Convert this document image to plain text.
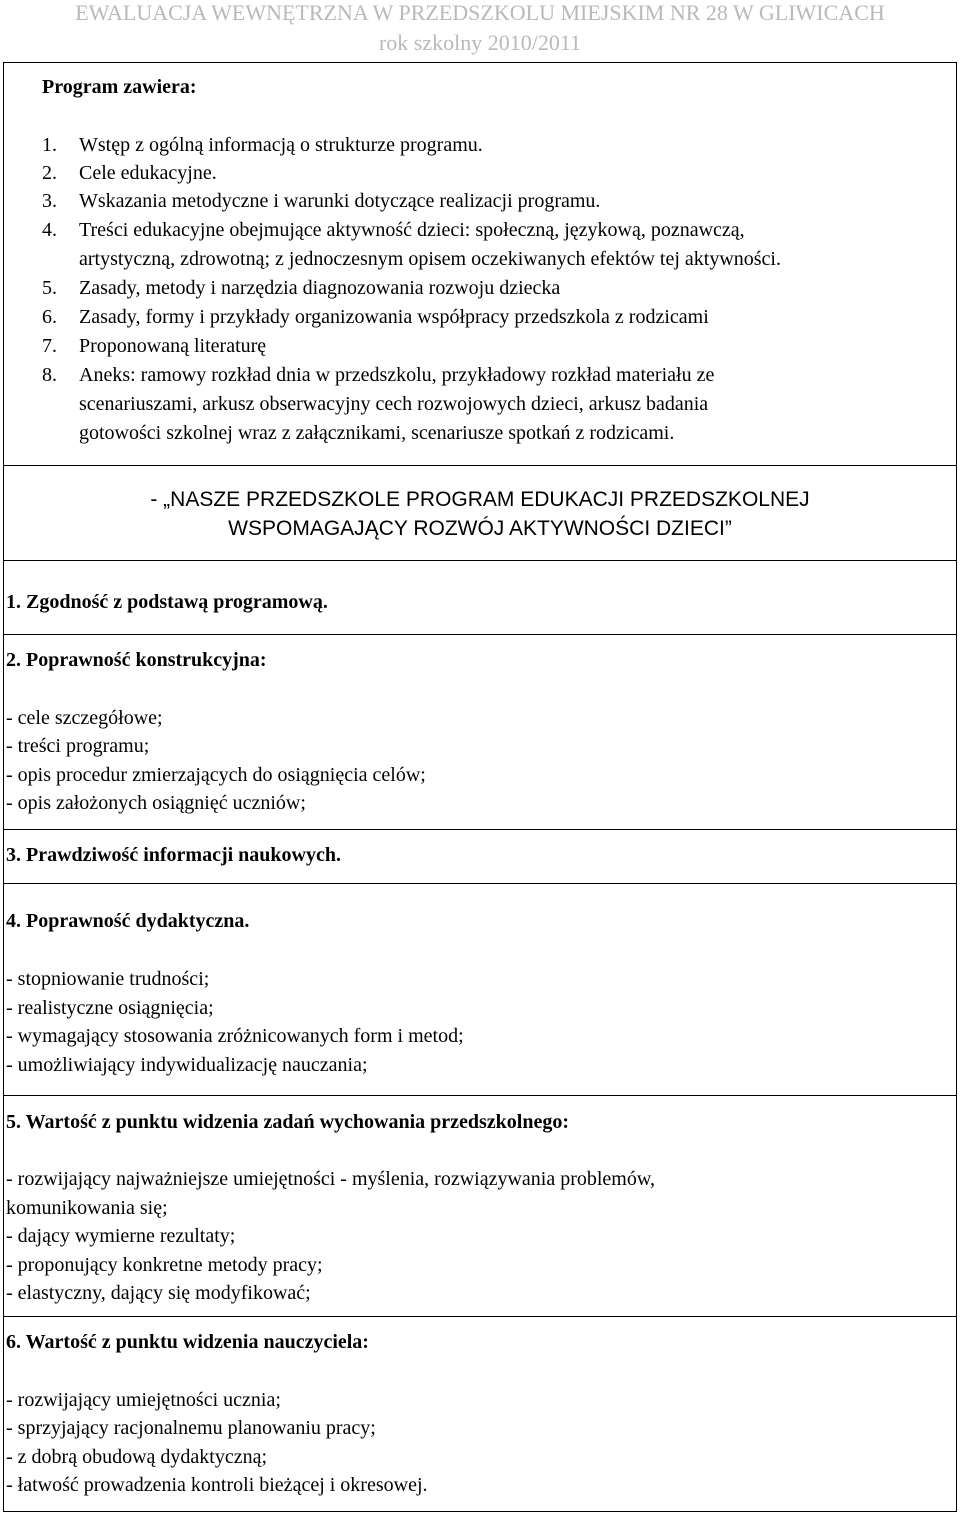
EWALUACJA WEWNĘTRZNA W PRZEDSZKOLU MIEJSKIM NR 28 W GLIWICACH
rok szkolny 2010/2011
Program zawiera:
1. Wstęp z ogólną informacją o strukturze programu.
2. Cele edukacyjne.
3. Wskazania metodyczne i warunki dotyczące realizacji programu.
4. Treści edukacyjne obejmujące aktywność dzieci: społeczną, językową, poznawczą,
artystyczną, zdrowotną; z jednoczesnym opisem oczekiwanych efektów tej aktywności.
5. Zasady, metody i narzędzia diagnozowania rozwoju dziecka
6. Zasady, formy i przykłady organizowania współpracy przedszkola z rodzicami
7. Proponowaną literaturę
8. Aneks: ramowy rozkład dnia w przedszkolu, przykładowy rozkład materiału ze
scenariuszami, arkusz obserwacyjny cech rozwojowych dzieci, arkusz badania
gotowości szkolnej wraz z załącznikami, scenariusze spotkań z rodzicami.
- „NASZE PRZEDSZKOLE PROGRAM EDUKACJI PRZEDSZKOLNEJ
WSPOMAGAJĄCY ROZWÓJ AKTYWNOŚCI DZIECI”
1. Zgodność z podstawą programową.
2. Poprawność konstrukcyjna:
- cele szczegółowe;
- treści programu;
- opis procedur zmierzających do osiągnięcia celów;
- opis założonych osiągnięć uczniów;
3. Prawdziwość informacji naukowych.
4. Poprawność dydaktyczna.
- stopniowanie trudności;
- realistyczne osiągnięcia;
- wymagający stosowania zróżnicowanych form i metod;
- umożliwiający indywidualizację nauczania;
5. Wartość z punktu widzenia zadań wychowania przedszkolnego:
- rozwijający najważniejsze umiejętności - myślenia, rozwiązywania problemów,
komunikowania się;
- dający wymierne rezultaty;
- proponujący konkretne metody pracy;
- elastyczny, dający się modyfikować;
6. Wartość z punktu widzenia nauczyciela:
- rozwijający umiejętności ucznia;
- sprzyjający racjonalnemu planowaniu pracy;
- z dobrą obudową dydaktyczną;
- łatwość prowadzenia kontroli bieżącej i okresowej.
